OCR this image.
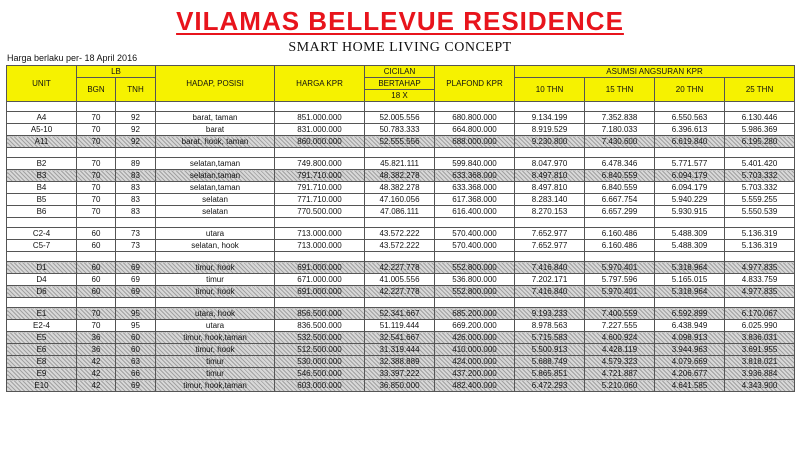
VILAMAS BELLEVUE RESIDENCE
SMART HOME LIVING CONCEPT
Harga berlaku per- 18 April 2016
UNIT	LB		HADAP, POSISI	HARGA KPR	CICILAN	PLAFOND KPR	ASUMSI ANGSURAN KPR			
	BGN	TNH			BERTAHAP		10 THN	15 THN	20 THN	25 THN
					18 X					

A4	70	92	barat, taman	851.000.000	52.005.556	680.800.000	9.134.199	7.352.838	6.550.563	6.130.446
A5-10	70	92	barat	831.000.000	50.783.333	664.800.000	8.919.529	7.180.033	6.396.613	5.986.369
A11	70	92	barat, hook, taman	860.000.000	52.555.556	688.000.000	9.230.800	7.430.600	6.619.840	6.195.280

B2	70	89	selatan,taman	749.800.000	45.821.111	599.840.000	8.047.970	6.478.346	5.771.577	5.401.420
B3	70	83	selatan,taman	791.710.000	48.382.278	633.368.000	8.497.810	6.840.559	6.094.179	5.703.332
B4	70	83	selatan,taman	791.710.000	48.382.278	633.368.000	8.497.810	6.840.559	6.094.179	5.703.332
B5	70	83	selatan	771.710.000	47.160.056	617.368.000	8.283.140	6.667.754	5.940.229	5.559.255
B6	70	83	selatan	770.500.000	47.086.111	616.400.000	8.270.153	6.657.299	5.930.915	5.550.539

C2-4	60	73	utara	713.000.000	43.572.222	570.400.000	7.652.977	6.160.486	5.488.309	5.136.319
C5-7	60	73	selatan, hook	713.000.000	43.572.222	570.400.000	7.652.977	6.160.486	5.488.309	5.136.319

D1	60	69	timur, hook	691.000.000	42.227.778	552.800.000	7.416.840	5.970.401	5.318.964	4.977.835
D4	60	69	timur	671.000.000	41.005.556	536.800.000	7.202.171	5.797.596	5.165.015	4.833.759
D6	60	69	timur, hook	691.000.000	42.227.778	552.800.000	7.416.840	5.970.401	5.318.964	4.977.835

E1	70	95	utara, hook	856.500.000	52.341.667	685.200.000	9.193.233	7.400.559	6.592.899	6.170.067
E2-4	70	95	utara	836.500.000	51.119.444	669.200.000	8.978.563	7.227.555	6.438.949	6.025.990
E5	36	60	timur, hook,taman	532.500.000	32.541.667	426.000.000	5.715.583	4.600.924	4.098.913	3.836.031
E6	36	60	timur, hook	512.500.000	31.319.444	410.000.000	5.500.913	4.428.119	3.944.963	3.691.955
E8	42	63	timur	530.000.000	32.388.889	424.000.000	5.688.749	4.579.323	4.079.669	3.818.021
E9	42	66	timur	546.500.000	33.397.222	437.200.000	5.865.851	4.721.887	4.206.677	3.936.884
E10	42	69	timur, hook,taman	603.000.000	36.850.000	482.400.000	6.472.293	5.210.060	4.641.585	4.343.900
